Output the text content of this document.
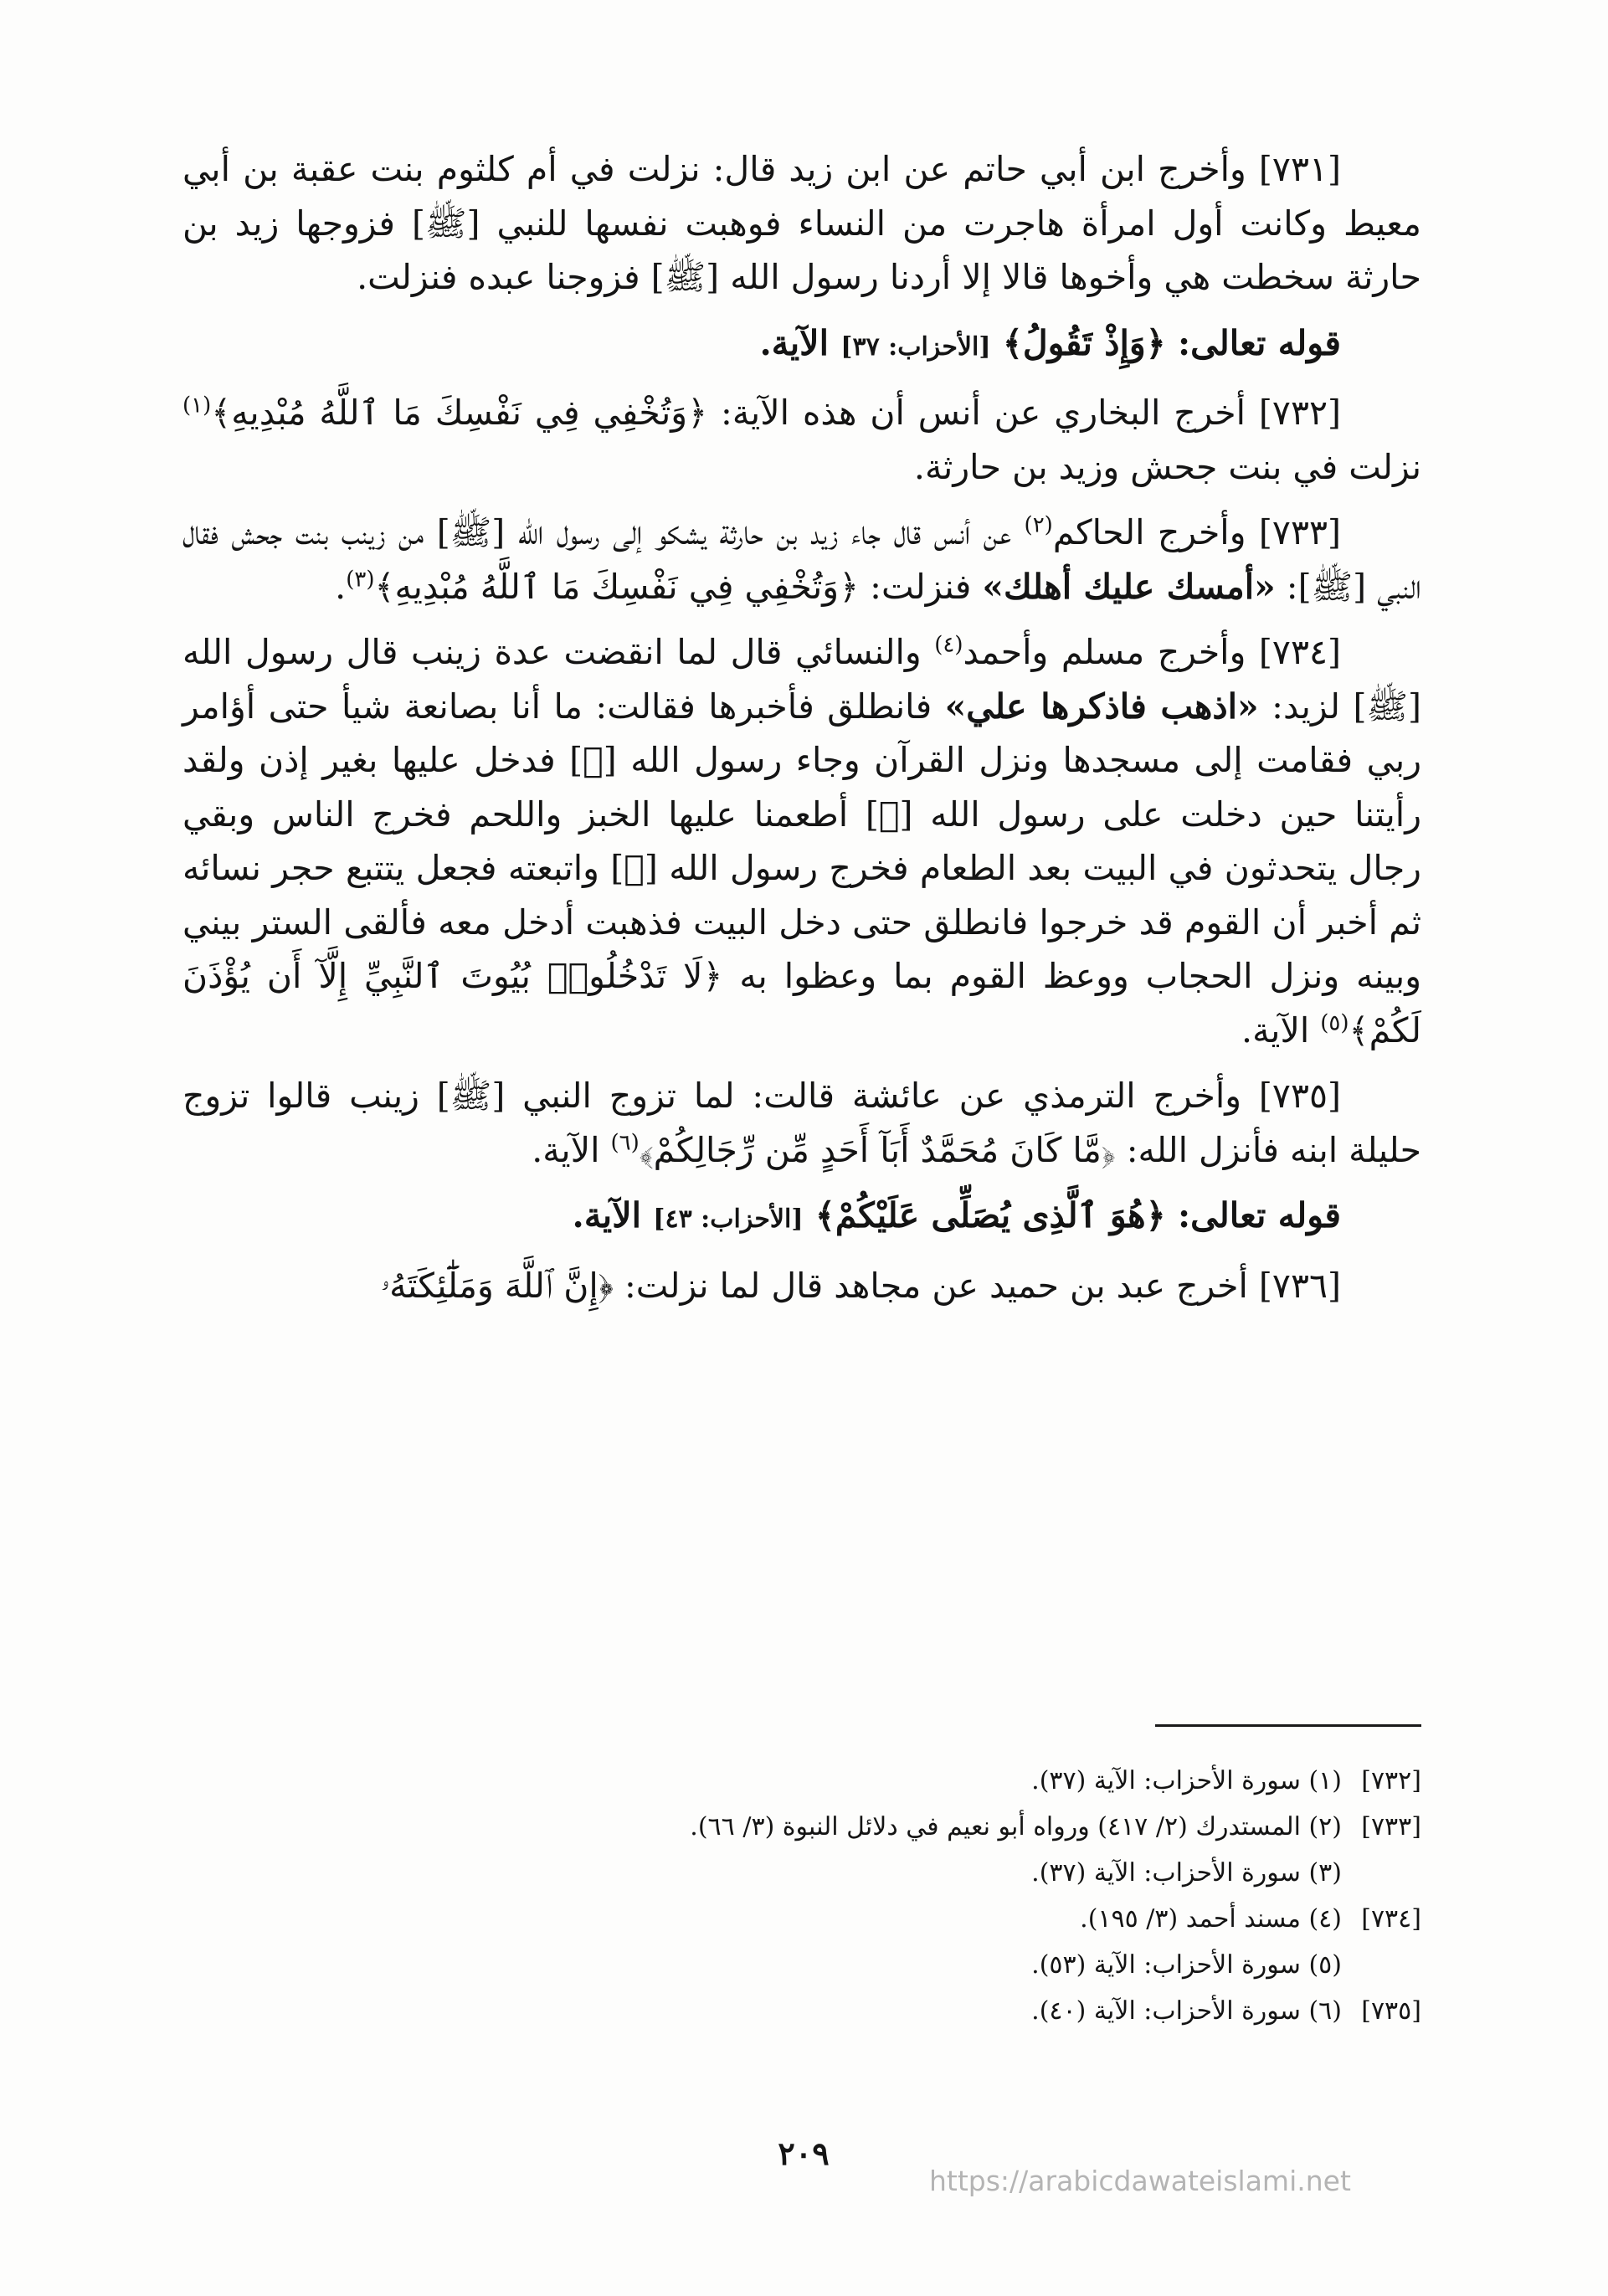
[٧٣١] وأخرج ابن أبي حاتم عن ابن زيد قال: نزلت في أم كلثوم بنت عقبة بن أبي معيط وكانت أول امرأة هاجرت من النساء فوهبت نفسها للنبي [ﷺ] فزوجها زيد بن حارثة سخطت هي وأخوها قالا إلا أردنا رسول الله [ﷺ] فزوجنا عبده فنزلت.

قوله تعالى: ﴿وَإِذْ تَقُولُ﴾ [الأحزاب: ٣٧] الآية.

[٧٣٢] أخرج البخاري عن أنس أن هذه الآية: ﴿وَتُخْفِي فِي نَفْسِكَ مَا ٱللَّهُ مُبْدِيهِ﴾$^{(١)}$ نزلت في بنت جحش وزيد بن حارثة.

[٧٣٣] وأخرج الحاكم$^{(٢)}$ عن أنس قال جاء زيد بن حارثة يشكو إلى رسول الله [ﷺ] من زينب بنت جحش فقال النبي [ﷺ]: «أمسك عليك أهلك» فنزلت: ﴿وَتُخْفِي فِي نَفْسِكَ مَا ٱللَّهُ مُبْدِيهِ﴾$^{(٣)}$.

[٧٣٤] وأخرج مسلم وأحمد$^{(٤)}$ والنسائي قال لما انقضت عدة زينب قال رسول الله [ﷺ] لزيد: «اذهب فاذكرها علي» فانطلق فأخبرها فقالت: ما أنا بصانعة شيأ حتى أؤامر ربي فقامت إلى مسجدها ونزل القرآن وجاء رسول الله [ﷺ] فدخل عليها بغير إذن ولقد رأيتنا حين دخلت على رسول الله [ﷺ] أطعمنا عليها الخبز واللحم فخرج الناس وبقي رجال يتحدثون في البيت بعد الطعام فخرج رسول الله [ﷺ] واتبعته فجعل يتتبع حجر نسائه ثم أخبر أن القوم قد خرجوا فانطلق حتى دخل البيت فذهبت أدخل معه فألقى الستر بيني وبينه ونزل الحجاب ووعظ القوم بما وعظوا به ﴿لَا تَدْخُلُوا۟ بُيُوتَ ٱلنَّبِيِّ إِلَّآ أَن يُؤْذَنَ لَكُمْ﴾$^{(٥)}$ الآية.

[٧٣٥] وأخرج الترمذي عن عائشة قالت: لما تزوج النبي [ﷺ] زينب قالوا تزوج حليلة ابنه فأنزل الله: ﴿مَّا كَانَ مُحَمَّدٌ أَبَآ أَحَدٍ مِّن رِّجَالِكُمْ﴾$^{(٦)}$ الآية.

قوله تعالى: ﴿هُوَ ٱلَّذِى يُصَلِّى عَلَيْكُمْ﴾ [الأحزاب: ٤٣] الآية.

[٧٣٦] أخرج عبد بن حميد عن مجاهد قال لما نزلت: ﴿إِنَّ ٱللَّهَ وَمَلَٰٓئِكَتَهُۥ

[٧٣٢]
(١) سورة الأحزاب: الآية (٣٧).
[٧٣٣]
(٢) المستدرك (٢/ ٤١٧) ورواه أبو نعيم في دلائل النبوة (٣/ ٦٦).
(٣) سورة الأحزاب: الآية (٣٧).
[٧٣٤]
(٤) مسند أحمد (٣/ ١٩٥).
(٥) سورة الأحزاب: الآية (٥٣).
[٧٣٥]
(٦) سورة الأحزاب: الآية (٤٠).
٢٠٩
https://arabicdawateislami.net
